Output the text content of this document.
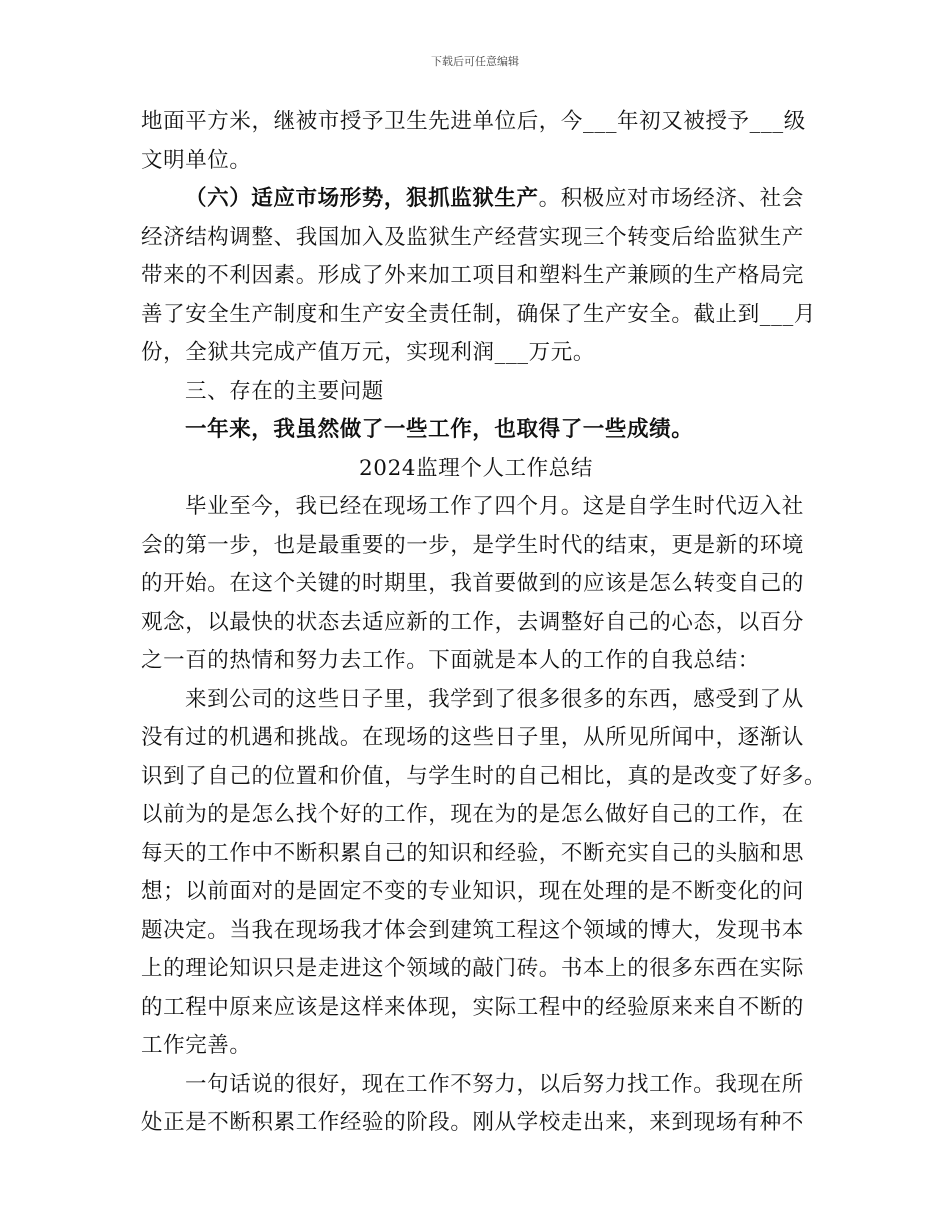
下载后可任意编辑
地面平方米，继被市授予卫生先进单位后，今___年初又被授予___级
文明单位。
（六）适应市场形势，狠抓监狱生产。积极应对市场经济、社会
经济结构调整、我国加入及监狱生产经营实现三个转变后给监狱生产
带来的不利因素。形成了外来加工项目和塑料生产兼顾的生产格局完
善了安全生产制度和生产安全责任制，确保了生产安全。截止到___月
份，全狱共完成产值万元，实现利润___万元。
三、存在的主要问题
一年来，我虽然做了一些工作，也取得了一些成绩。
2024监理个人工作总结
毕业至今，我已经在现场工作了四个月。这是自学生时代迈入社
会的第一步，也是最重要的一步，是学生时代的结束，更是新的环境
的开始。在这个关键的时期里，我首要做到的应该是怎么转变自己的
观念，以最快的状态去适应新的工作，去调整好自己的心态，以百分
之一百的热情和努力去工作。下面就是本人的工作的自我总结：
来到公司的这些日子里，我学到了很多很多的东西，感受到了从
没有过的机遇和挑战。在现场的这些日子里，从所见所闻中，逐渐认
识到了自己的位置和价值，与学生时的自己相比，真的是改变了好多。
以前为的是怎么找个好的工作，现在为的是怎么做好自己的工作，在
每天的工作中不断积累自己的知识和经验，不断充实自己的头脑和思
想；以前面对的是固定不变的专业知识，现在处理的是不断变化的问
题决定。当我在现场我才体会到建筑工程这个领域的博大，发现书本
上的理论知识只是走进这个领域的敲门砖。书本上的很多东西在实际
的工程中原来应该是这样来体现，实际工程中的经验原来来自不断的
工作完善。
一句话说的很好，现在工作不努力，以后努力找工作。我现在所
处正是不断积累工作经验的阶段。刚从学校走出来，来到现场有种不
